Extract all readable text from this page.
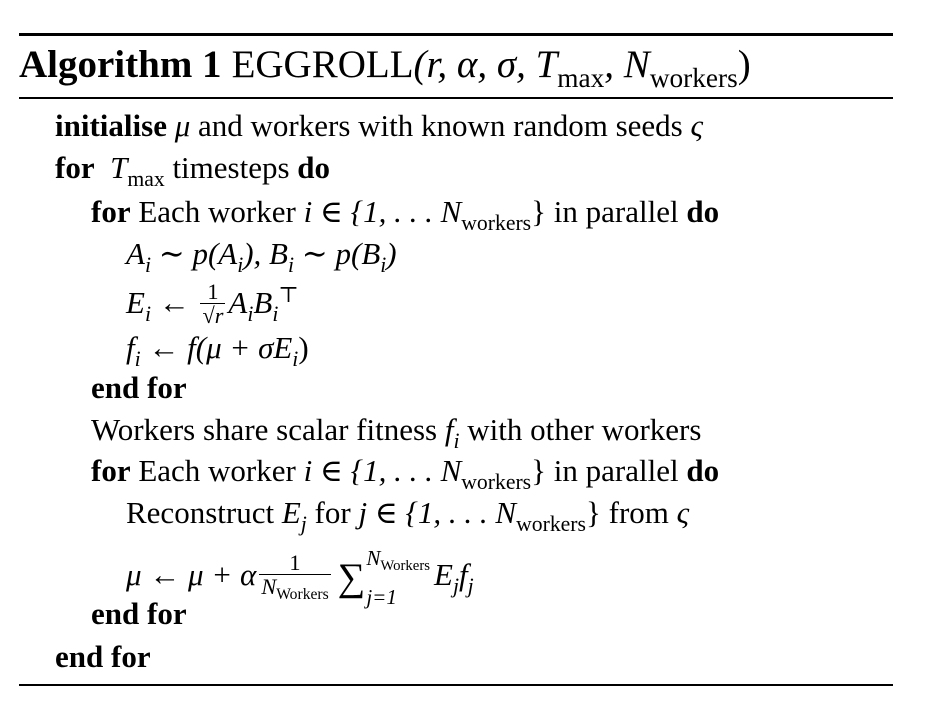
Algorithm 1 EGGROLL(r, α, σ, $T_{max}$, $N_{workers}$)
initialise μ and workers with known random seeds ς
for $T_{max}$ timesteps do
for Each worker i ∈ {1, . . . $N_{workers}$} in parallel do
$A_i$ ∼ $p(A_i)$, $B_i$ ∼ $p(B_i)$
$E_i$ ← $\frac{1}{√r} A_iB_i^⊤$
$f_i$ ← $f(\mu + \sigma E_i)$
end for
Workers share scalar fitness $f_i$ with other workers
for Each worker i ∈ {1, . . . $N_{workers}$} in parallel do
Reconstruct $E_j$ for j ∈ {1, . . . $N_{workers}$} from ς
μ ← μ + α $\frac{1}{N_{Workers}}$ ∑ $N_{Workers}$
j=1
$E_jf_j$
end for
end for
